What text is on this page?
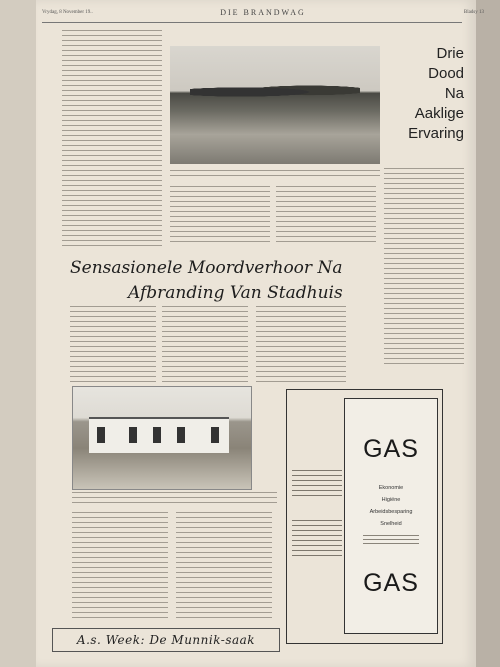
Vrydag, 8 November 19..	DIE BRANDWAG	Bladsy 13
Drie
Dood
Na
Aaklige
Ervaring
Sensasionele Moordverhoor Na
Afbranding Van Stadhuis
GAS
Ekonomie
Higiëne
Arbeidsbesparing
Snelheid
GAS
A.s. Week: De Munnik-saak
